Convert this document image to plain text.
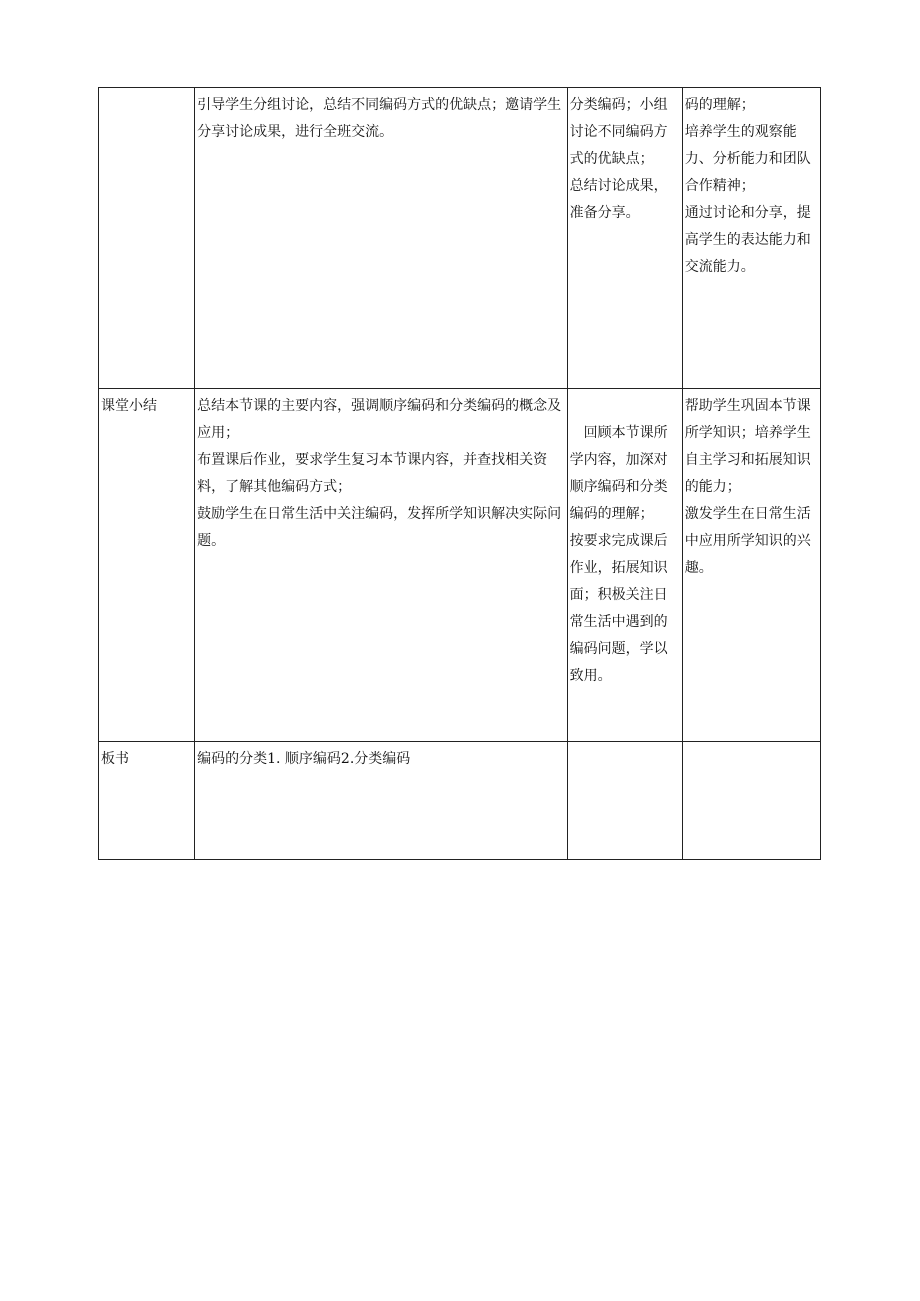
	引导学生分组讨论，总结不同编码方式的优缺点；邀请学生分享讨论成果，进行全班交流。	分类编码；小组讨论不同编码方式的优缺点；
总结讨论成果，准备分享。	码的理解；
培养学生的观察能力、分析能力和团队合作精神；
通过讨论和分享，提高学生的表达能力和交流能力。

课堂小结	总结本节课的主要内容，强调顺序编码和分类编码的概念及应用；
布置课后作业，要求学生复习本节课内容，并查找相关资料，了解其他编码方式；
鼓励学生在日常生活中关注编码，发挥所学知识解决实际问题。	回顾本节课所学内容，加深对顺序编码和分类编码的理解；
按要求完成课后作业，拓展知识面；积极关注日常生活中遇到的编码问题，学以致用。	帮助学生巩固本节课所学知识；培养学生自主学习和拓展知识的能力；
激发学生在日常生活中应用所学知识的兴趣。

板书	编码的分类1. 顺序编码2.分类编码		
